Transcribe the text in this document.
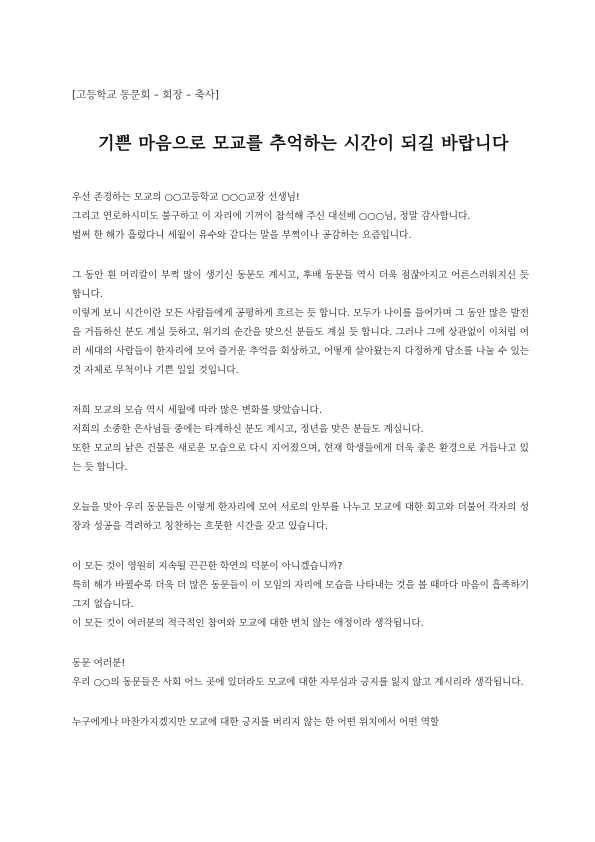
[고등학교 동문회 – 회장 – 축사]

기쁜 마음으로 모교를 추억하는 시간이 되길 바랍니다

우선 존경하는 모교의 ○○고등학교 ○○○교장 선생님!

그리고 연로하시미도 불구하고 이 자리에 기꺼이 참석해 주신 대선배 ○○○님, 정말 감사합니다.

벌써 한 해가 흘렀다니 세월이 유수와 같다는 말을 부쩍이나 공감하는 요즘입니다.

그 동안 흰 머리칼이 부쩍 많이 생기신 동문도 계시고, 후배 동문들 역시 더욱 점잖아지고 어른스러워지신 듯 합니다.

이렇게 보니 시간이란 모든 사람들에게 공평하게 흐르는 듯 합니다. 모두가 나이를 들어가며 그 동안 많은 발전을 거듭하신 분도 계실 듯하고, 위기의 순간을 맞으신 분들도 계실 듯 합니다. 그러나 그에 상관없이 이처럼 여러 세대의 사람들이 한자리에 모여 즐거운 추억을 회상하고, 어떻게 살아왔는지 다정하게 담소를 나눌 수 있는 것 자체로 무척이나 기쁜 일일 것입니다.

저희 모교의 모습 역시 세월에 따라 많은 변화를 맞았습니다.

저희의 소중한 은사님들 중에는 타계하신 분도 계시고, 정년을 맞은 분들도 계십니다.

또한 모교의 낡은 건물은 새로운 모습으로 다시 지어졌으며, 현재 학생들에게 더욱 좋은 환경으로 거듭나고 있는 듯 합니다.

오늘을 맞아 우리 동문들은 이렇게 한자리에 모여 서로의 안부를 나누고 모교에 대한 회고와 더불어 각자의 성장과 성공을 격려하고 칭찬하는 흐뭇한 시간을 갖고 있습니다.

이 모든 것이 영원히 지속될 끈끈한 학연의 덕분이 아니겠습니까?

특히 해가 바뀔수록 더욱 더 많은 동문들이 이 모임의 자리에 모습을 나타내는 것을 볼 때마다 마음이 흡족하기 그지 없습니다.

이 모든 것이 여러분의 적극적인 참여와 모교에 대한 변치 않는 애정이라 생각됩니다.

동문 여러분!

우리 ○○의 동문들은 사회 어느 곳에 있더라도 모교에 대한 자부심과 긍지를 잃지 않고 계시리라 생각됩니다.

누구에게나 마찬가지겠지만 모교에 대한 긍지를 버리지 않는 한 어떤 위치에서 어떤 역할
